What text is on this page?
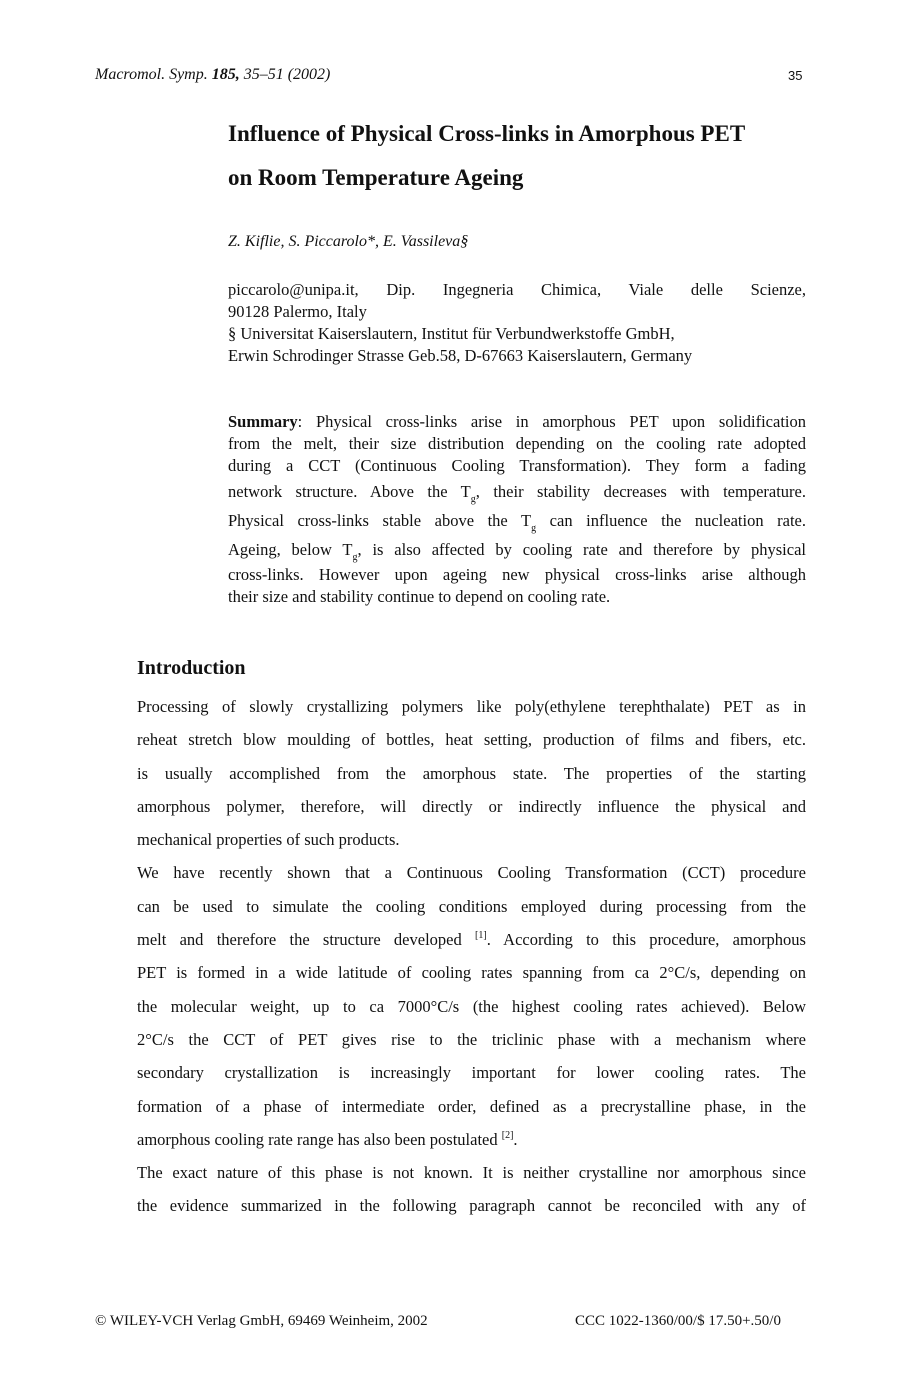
Macromol. Symp. 185, 35–51 (2002)	35
Influence of Physical Cross-links in Amorphous PET
on Room Temperature Ageing
Z. Kiflie, S. Piccarolo*, E. Vassileva§
piccarolo@unipa.it, Dip. Ingegneria Chimica, Viale delle Scienze,
90128 Palermo, Italy
§ Universitat Kaiserslautern, Institut für Verbundwerkstoffe GmbH,
Erwin Schrodinger Strasse Geb.58, D-67663 Kaiserslautern, Germany
Summary: Physical cross-links arise in amorphous PET upon solidification
from the melt, their size distribution depending on the cooling rate adopted
during a CCT (Continuous Cooling Transformation). They form a fading
network structure. Above the $T_g$, their stability decreases with temperature.
Physical cross-links stable above the $T_g$ can influence the nucleation rate.
Ageing, below $T_g$, is also affected by cooling rate and therefore by physical
cross-links. However upon ageing new physical cross-links arise although
their size and stability continue to depend on cooling rate.
Introduction
Processing of slowly crystallizing polymers like poly(ethylene terephthalate) PET as in
reheat stretch blow moulding of bottles, heat setting, production of films and fibers, etc.
is usually accomplished from the amorphous state. The properties of the starting
amorphous polymer, therefore, will directly or indirectly influence the physical and
mechanical properties of such products.
We have recently shown that a Continuous Cooling Transformation (CCT) procedure
can be used to simulate the cooling conditions employed during processing from the
melt and therefore the structure developed [1]. According to this procedure, amorphous
PET is formed in a wide latitude of cooling rates spanning from ca 2°C/s, depending on
the molecular weight, up to ca 7000°C/s (the highest cooling rates achieved). Below
2°C/s the CCT of PET gives rise to the triclinic phase with a mechanism where
secondary crystallization is increasingly important for lower cooling rates. The
formation of a phase of intermediate order, defined as a precrystalline phase, in the
amorphous cooling rate range has also been postulated [2].
The exact nature of this phase is not known. It is neither crystalline nor amorphous since
the evidence summarized in the following paragraph cannot be reconciled with any of
© WILEY-VCH Verlag GmbH, 69469 Weinheim, 2002	CCC 1022-1360/00/$ 17.50+.50/0
